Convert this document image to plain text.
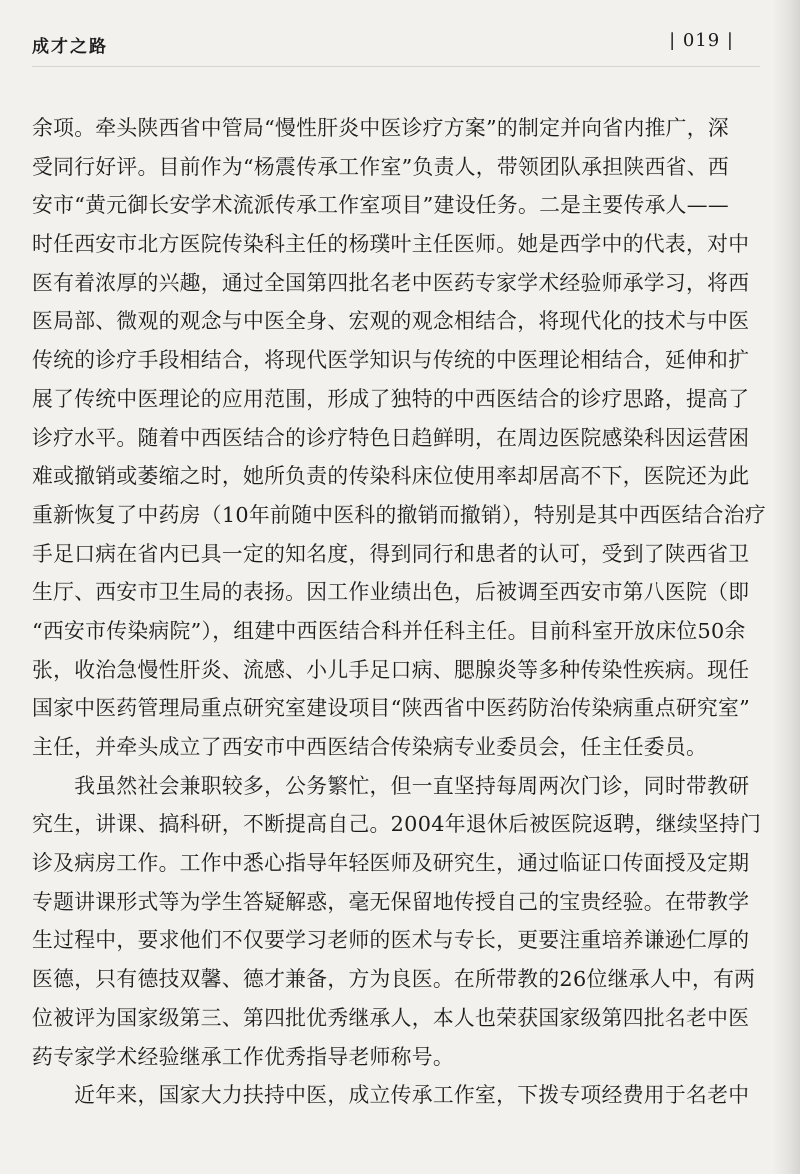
成才之路	| 019 |
余项。牵头陕西省中管局“慢性肝炎中医诊疗方案”的制定并向省内推广，深
受同行好评。目前作为“杨震传承工作室”负责人，带领团队承担陕西省、西
安市“黄元御长安学术流派传承工作室项目”建设任务。二是主要传承人——
时任西安市北方医院传染科主任的杨璞叶主任医师。她是西学中的代表，对中
医有着浓厚的兴趣，通过全国第四批名老中医药专家学术经验师承学习，将西
医局部、微观的观念与中医全身、宏观的观念相结合，将现代化的技术与中医
传统的诊疗手段相结合，将现代医学知识与传统的中医理论相结合，延伸和扩
展了传统中医理论的应用范围，形成了独特的中西医结合的诊疗思路，提高了
诊疗水平。随着中西医结合的诊疗特色日趋鲜明，在周边医院感染科因运营困
难或撤销或萎缩之时，她所负责的传染科床位使用率却居高不下，医院还为此
重新恢复了中药房（10年前随中医科的撤销而撤销），特别是其中西医结合治疗
手足口病在省内已具一定的知名度，得到同行和患者的认可，受到了陕西省卫
生厅、西安市卫生局的表扬。因工作业绩出色，后被调至西安市第八医院（即
“西安市传染病院”），组建中西医结合科并任科主任。目前科室开放床位50余
张，收治急慢性肝炎、流感、小儿手足口病、腮腺炎等多种传染性疾病。现任
国家中医药管理局重点研究室建设项目“陕西省中医药防治传染病重点研究室”
主任，并牵头成立了西安市中西医结合传染病专业委员会，任主任委员。
　　我虽然社会兼职较多，公务繁忙，但一直坚持每周两次门诊，同时带教研
究生，讲课、搞科研，不断提高自己。2004年退休后被医院返聘，继续坚持门
诊及病房工作。工作中悉心指导年轻医师及研究生，通过临证口传面授及定期
专题讲课形式等为学生答疑解惑，毫无保留地传授自己的宝贵经验。在带教学
生过程中，要求他们不仅要学习老师的医术与专长，更要注重培养谦逊仁厚的
医德，只有德技双馨、德才兼备，方为良医。在所带教的26位继承人中，有两
位被评为国家级第三、第四批优秀继承人，本人也荣获国家级第四批名老中医
药专家学术经验继承工作优秀指导老师称号。
　　近年来，国家大力扶持中医，成立传承工作室，下拨专项经费用于名老中
